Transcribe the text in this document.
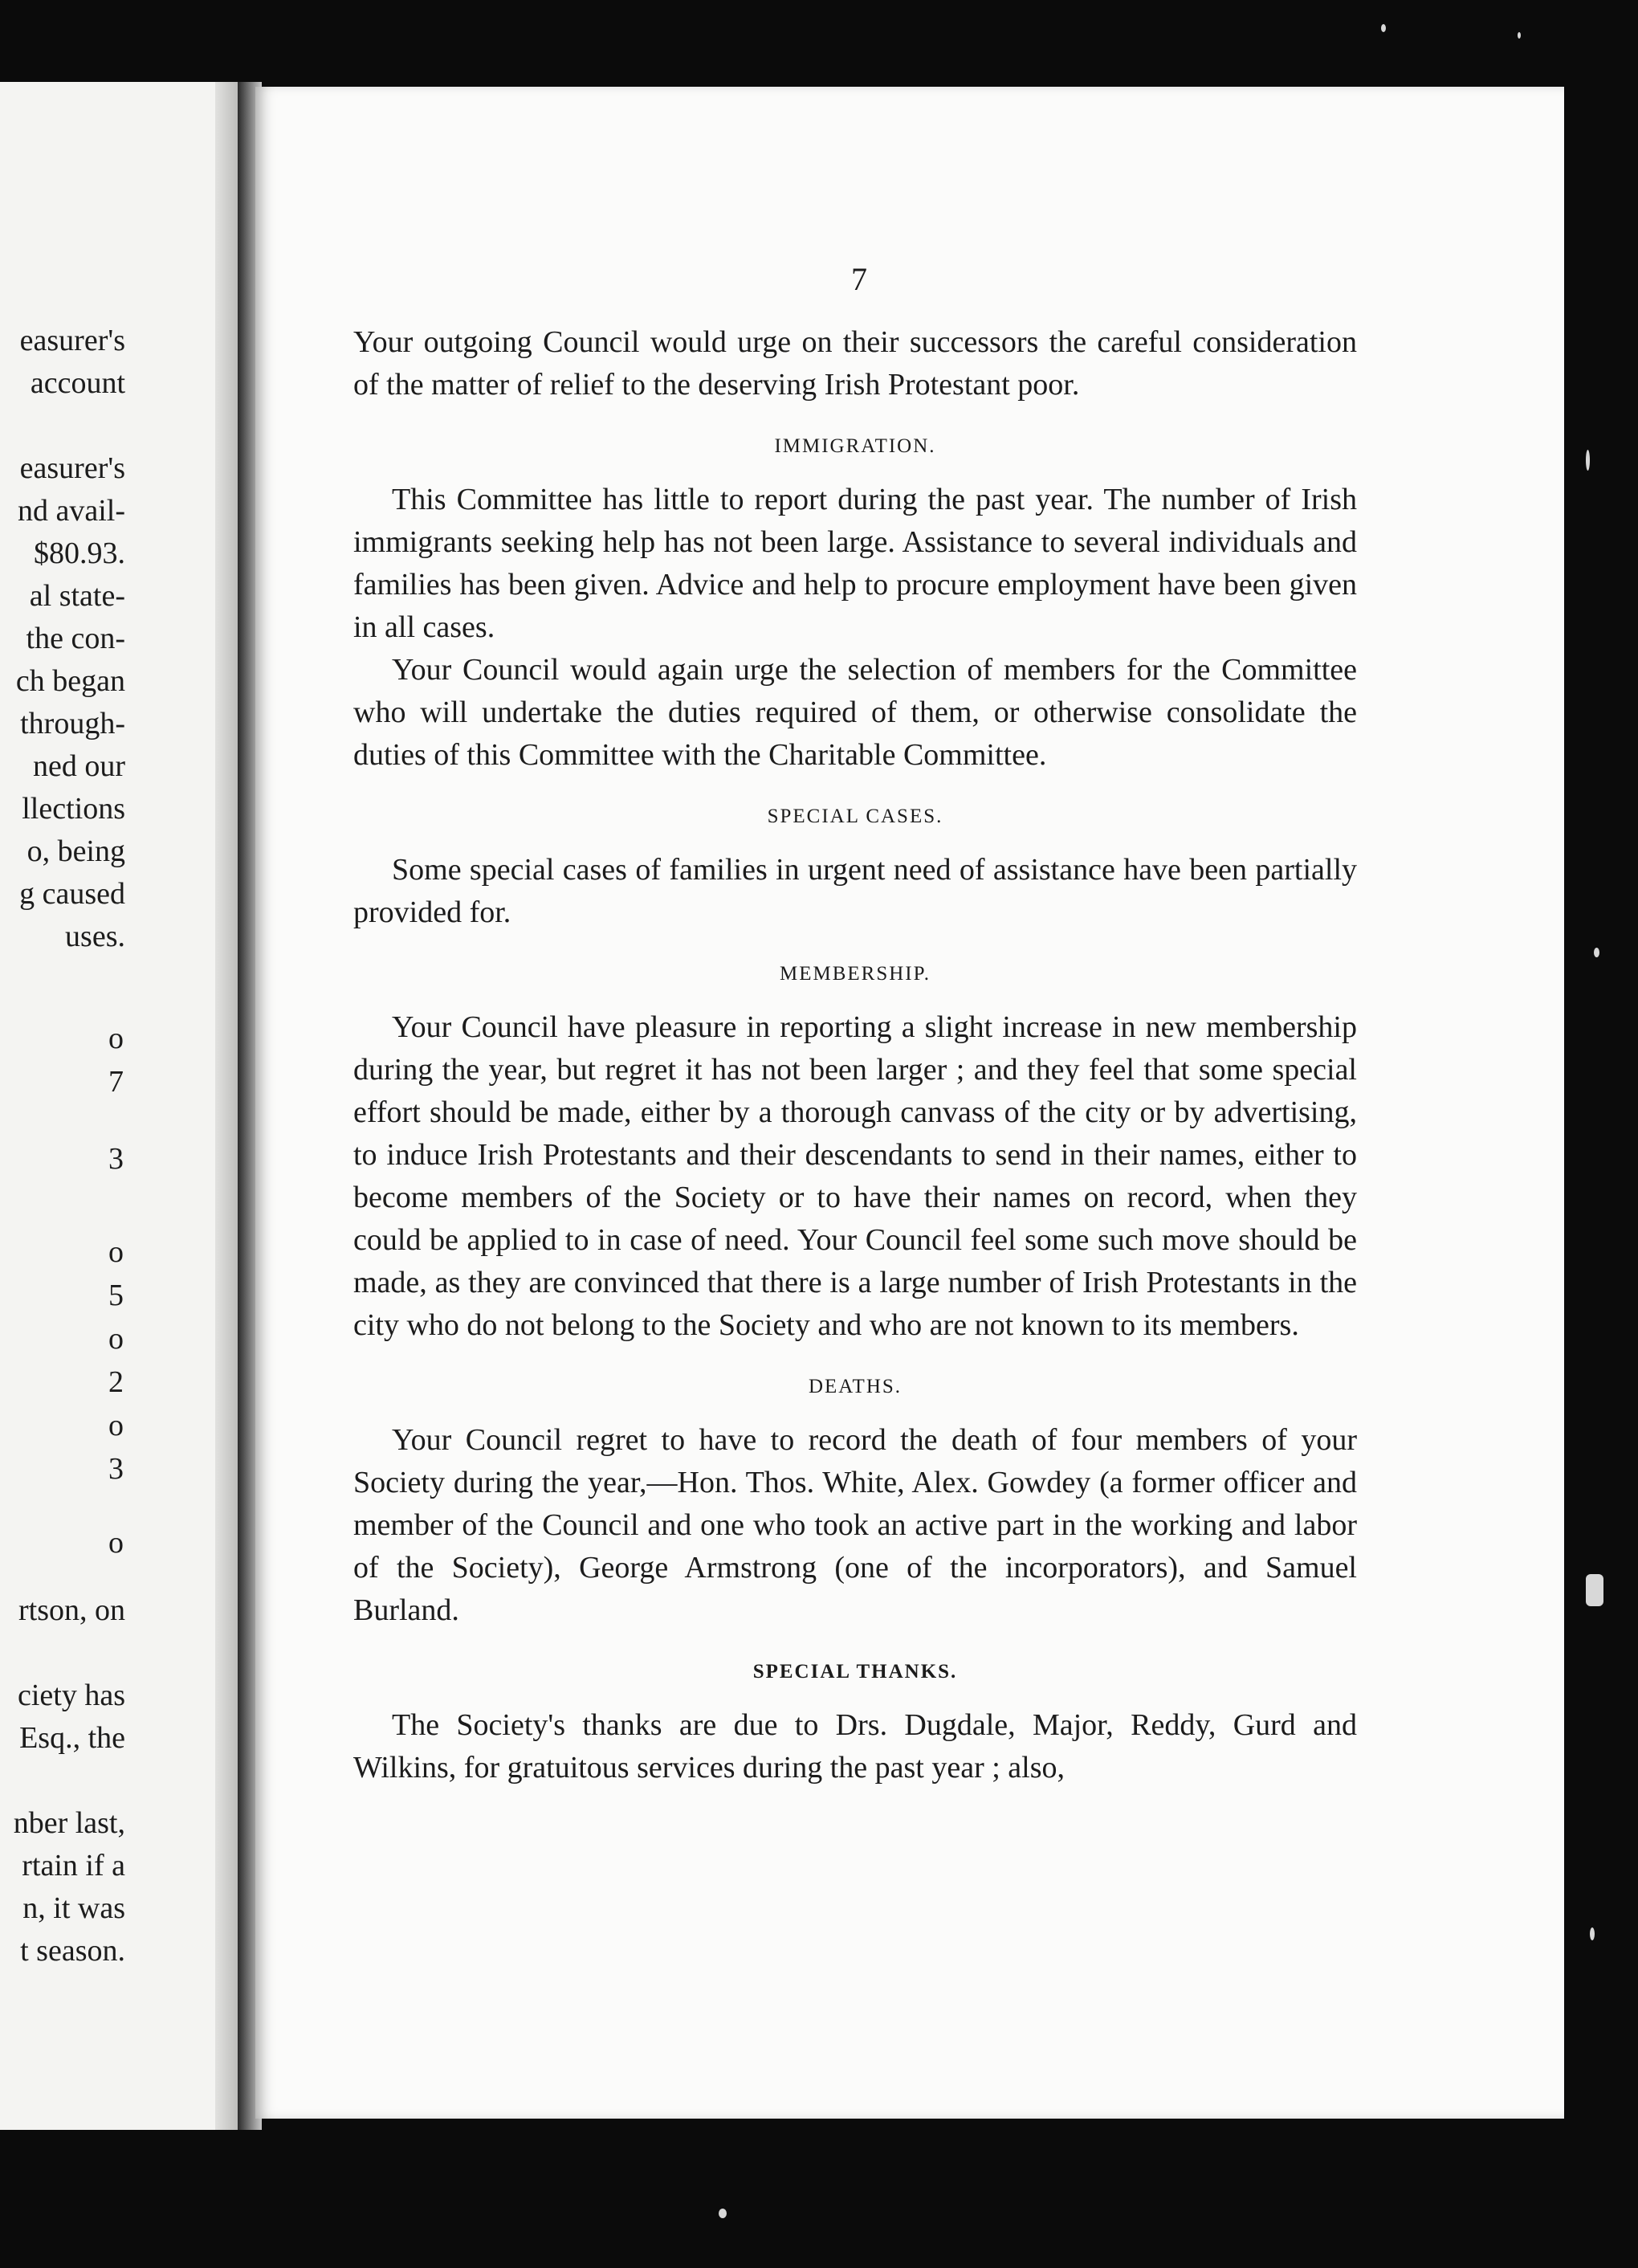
easurer's
account
easurer's
nd avail-
$80.93.
al state-
the con-
ch began
through-
ned our
llections
o, being
g caused
uses.
o
7
3
o
5
o
2
o
3
o
rtson, on
ciety has
Esq., the
nber last,
rtain if a
n, it was
t season.
7

Your outgoing Council would urge on their successors the careful consideration of the matter of relief to the deserving Irish Protestant poor.

IMMIGRATION.

This Committee has little to report during the past year. The number of Irish immigrants seeking help has not been large. Assistance to several individuals and families has been given. Advice and help to procure employment have been given in all cases.

Your Council would again urge the selection of members for the Committee who will undertake the duties required of them, or otherwise consolidate the duties of this Committee with the Charitable Committee.

SPECIAL CASES.

Some special cases of families in urgent need of assistance have been partially provided for.

MEMBERSHIP.

Your Council have pleasure in reporting a slight increase in new membership during the year, but regret it has not been larger ; and they feel that some special effort should be made, either by a thorough canvass of the city or by advertising, to induce Irish Protestants and their descendants to send in their names, either to become members of the Society or to have their names on record, when they could be applied to in case of need. Your Council feel some such move should be made, as they are convinced that there is a large number of Irish Protestants in the city who do not belong to the Society and who are not known to its members.

DEATHS.

Your Council regret to have to record the death of four members of your Society during the year,—Hon. Thos. White, Alex. Gowdey (a former officer and member of the Council and one who took an active part in the working and labor of the Society), George Armstrong (one of the incorporators), and Samuel Burland.

SPECIAL THANKS.

The Society's thanks are due to Drs. Dugdale, Major, Reddy, Gurd and Wilkins, for gratuitous services during the past year ; also,
